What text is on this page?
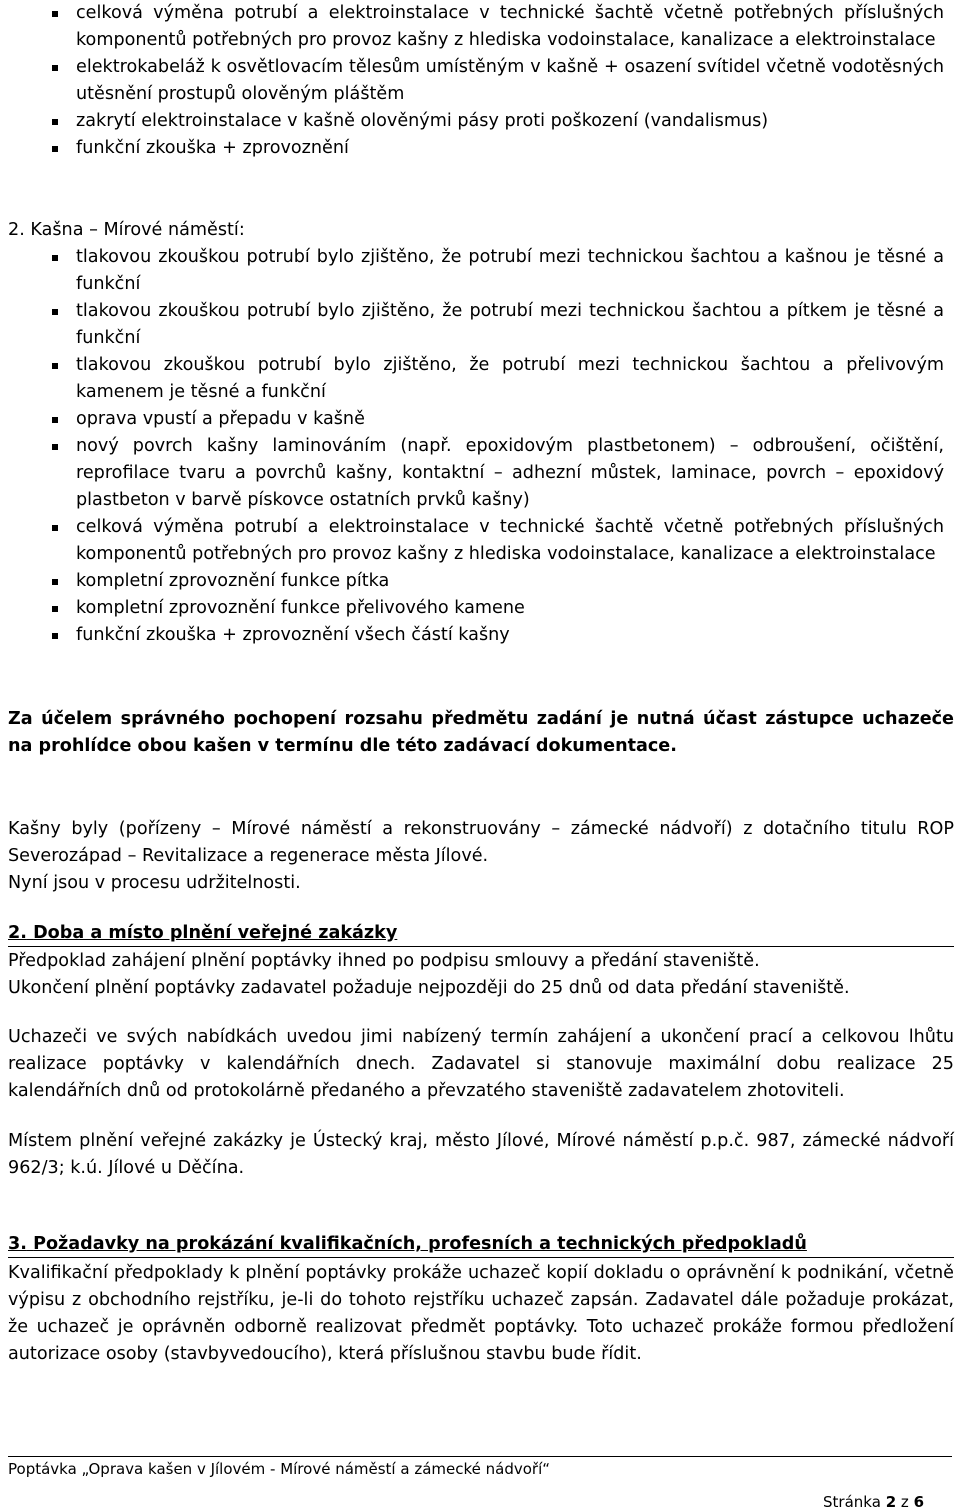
celková výměna potrubí a elektroinstalace v technické šachtě včetně potřebných příslušných komponentů potřebných pro provoz kašny z hlediska vodoinstalace, kanalizace a elektroinstalace
elektrokabeláž k osvětlovacím tělesům umístěným v kašně + osazení svítidel včetně vodotěsných utěsnění prostupů olověným pláštěm
zakrytí elektroinstalace v kašně olověnými pásy proti poškození (vandalismus)
funkční zkouška + zprovoznění
2. Kašna – Mírové náměstí:
tlakovou zkouškou potrubí bylo zjištěno, že potrubí mezi technickou šachtou a kašnou je těsné a funkční
tlakovou zkouškou potrubí bylo zjištěno, že potrubí mezi technickou šachtou a pítkem je těsné a funkční
tlakovou zkouškou potrubí bylo zjištěno, že potrubí mezi technickou šachtou a přelivovým kamenem je těsné a funkční
oprava vpustí a přepadu v kašně
nový povrch kašny laminováním (např. epoxidovým plastbetonem) – odbroušení, očištění, reprofilace tvaru a povrchů kašny, kontaktní – adhezní můstek, laminace, povrch – epoxidový plastbeton v barvě pískovce ostatních prvků kašny)
celková výměna potrubí a elektroinstalace v technické šachtě včetně potřebných příslušných komponentů potřebných pro provoz kašny z hlediska vodoinstalace, kanalizace a elektroinstalace
kompletní zprovoznění funkce pítka
kompletní zprovoznění funkce přelivového kamene
funkční zkouška + zprovoznění všech částí kašny

Za účelem správného pochopení rozsahu předmětu zadání je nutná účast zástupce uchazeče na prohlídce obou kašen v termínu dle této zadávací dokumentace.

Kašny byly (pořízeny – Mírové náměstí a rekonstruovány – zámecké nádvoří) z dotačního titulu ROP Severozápad – Revitalizace a regenerace města Jílové.

Nyní jsou v procesu udržitelnosti.

2. Doba a místo plnění veřejné zakázky

Předpoklad zahájení plnění poptávky ihned po podpisu smlouvy a předání staveniště.

Ukončení plnění poptávky zadavatel požaduje nejpozději do 25 dnů od data předání staveniště.

Uchazeči ve svých nabídkách uvedou jimi nabízený termín zahájení a ukončení prací a celkovou lhůtu realizace poptávky v kalendářních dnech. Zadavatel si stanovuje maximální dobu realizace 25 kalendářních dnů od protokolárně předaného a převzatého staveniště zadavatelem zhotoviteli.

Místem plnění veřejné zakázky je Ústecký kraj, město Jílové, Mírové náměstí p.p.č. 987, zámecké nádvoří 962/3; k.ú. Jílové u Děčína.

3. Požadavky na prokázání kvalifikačních, profesních a technických předpokladů

Kvalifikační předpoklady k plnění poptávky prokáže uchazeč kopií dokladu o oprávnění k podnikání, včetně výpisu z obchodního rejstříku, je-li do tohoto rejstříku uchazeč zapsán. Zadavatel dále požaduje prokázat, že uchazeč je oprávněn odborně realizovat předmět poptávky. Toto uchazeč prokáže formou předložení autorizace osoby (stavbyvedoucího), která příslušnou stavbu bude řídit.

Poptávka „Oprava kašen v Jílovém - Mírové náměstí a zámecké nádvoří“
Stránka 2 z 6
